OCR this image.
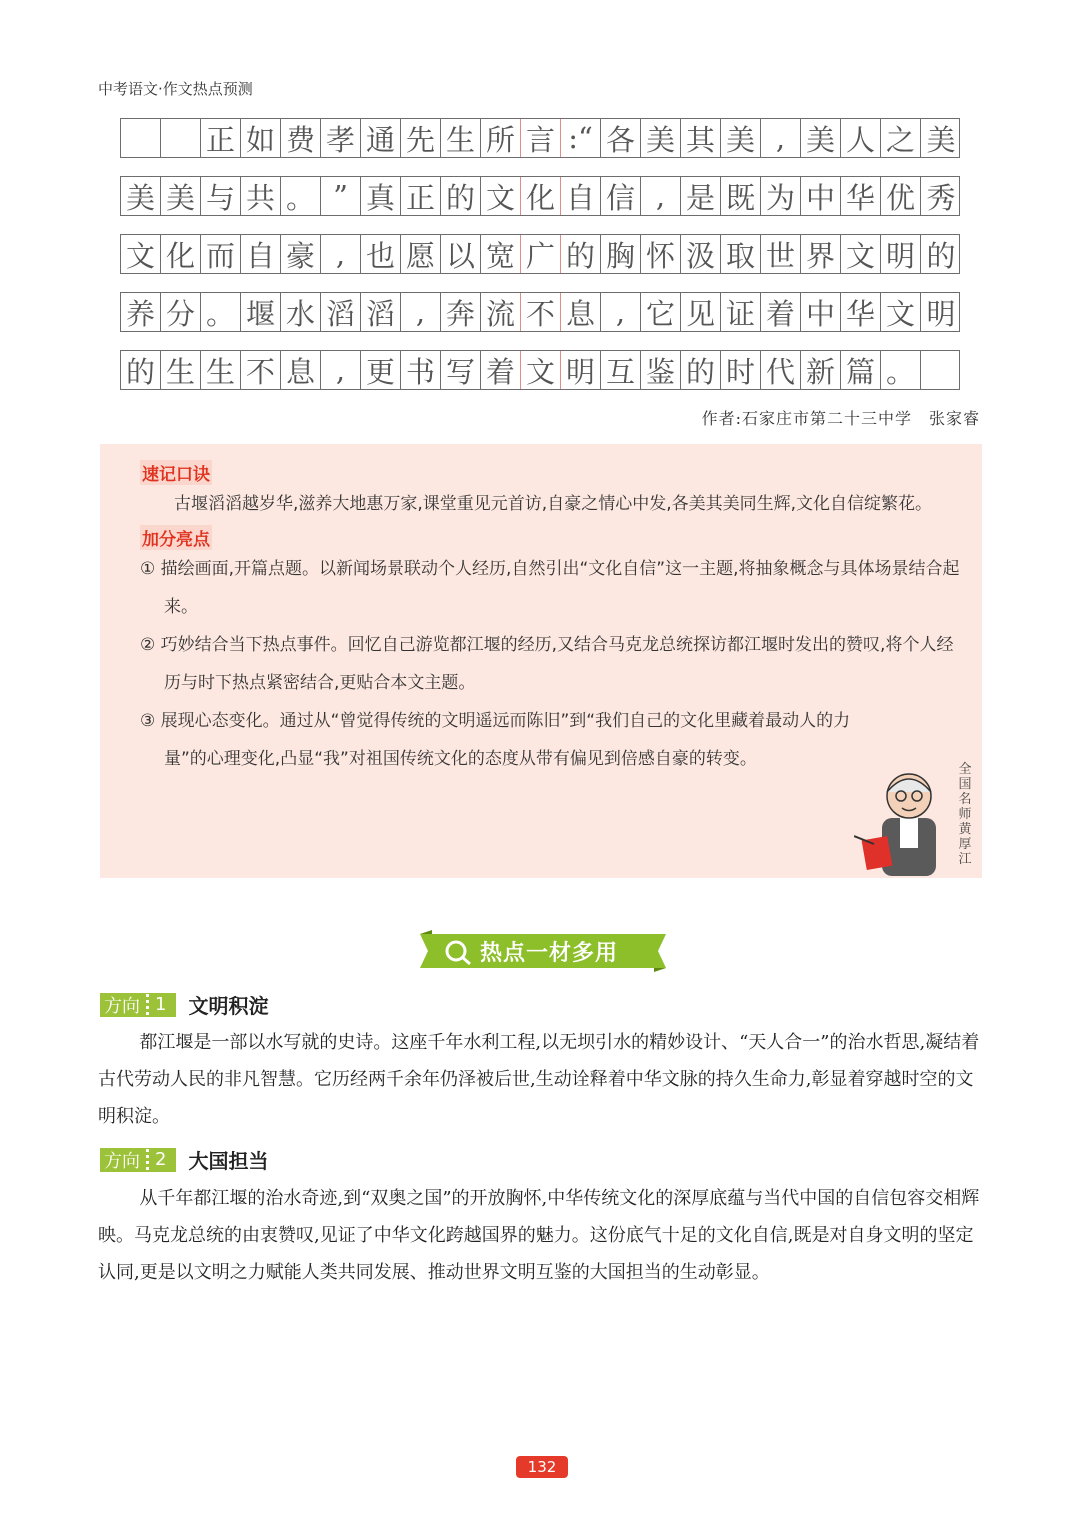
中考语文·作文热点预测
正 如 费 孝 通 先 生 所 言 :“ 各 美 其 美 , 美 人 之 美
美 美 与 共 。 ” 真 正 的 文 化 自 信 , 是 既 为 中 华 优 秀
文 化 而 自 豪 , 也 愿 以 宽 广 的 胸 怀 汲 取 世 界 文 明 的
养 分 。 堰 水 滔 滔 , 奔 流 不 息 , 它 见 证 着 中 华 文 明
的 生 生 不 息 , 更 书 写 着 文 明 互 鉴 的 时 代 新 篇 。
作者:石家庄市第二十三中学　张家睿
速记口诀

古堰滔滔越岁华,滋养大地惠万家,课堂重见元首访,自豪之情心中发,各美其美同生辉,文化自信绽繁花。

加分亮点

① 描绘画面,开篇点题。以新闻场景联动个人经历,自然引出“文化自信”这一主题,将抽象概念与具体场景结合起来。

② 巧妙结合当下热点事件。回忆自己游览都江堰的经历,又结合马克龙总统探访都江堰时发出的赞叹,将个人经历与时下热点紧密结合,更贴合本文主题。

③ 展现心态变化。通过从“曾觉得传统的文明遥远而陈旧”到“我们自己的文化里藏着最动人的力量”的心理变化,凸显“我”对祖国传统文化的态度从带有偏见到倍感自豪的转变。

全国名师黄厚江
热点一材多用
方向 1	文明积淀

都江堰是一部以水写就的史诗。这座千年水利工程,以无坝引水的精妙设计、“天人合一”的治水哲思,凝结着古代劳动人民的非凡智慧。它历经两千余年仍泽被后世,生动诠释着中华文脉的持久生命力,彰显着穿越时空的文明积淀。

方向 2	大国担当

从千年都江堰的治水奇迹,到“双奥之国”的开放胸怀,中华传统文化的深厚底蕴与当代中国的自信包容交相辉映。马克龙总统的由衷赞叹,见证了中华文化跨越国界的魅力。这份底气十足的文化自信,既是对自身文明的坚定认同,更是以文明之力赋能人类共同发展、推动世界文明互鉴的大国担当的生动彰显。

132
